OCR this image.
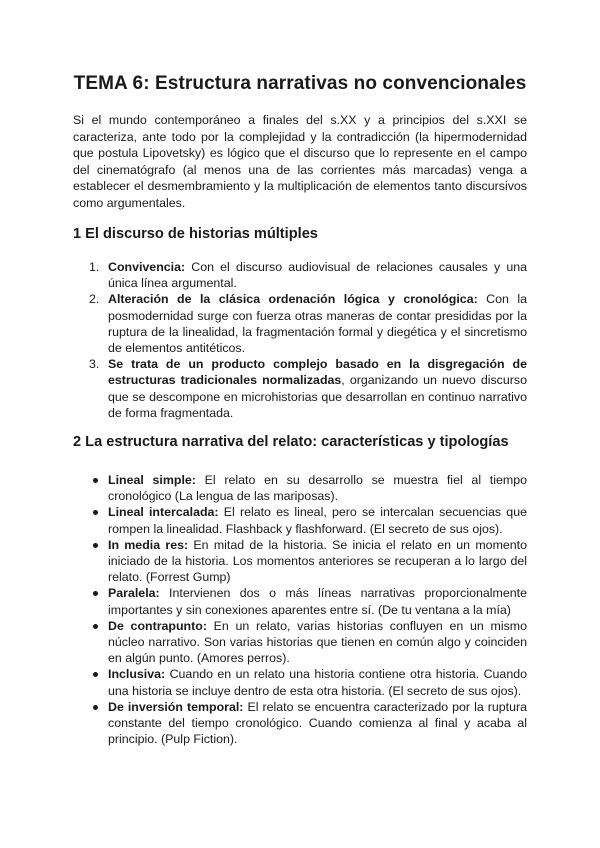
TEMA 6: Estructura narrativas no convencionales

Si el mundo contemporáneo a finales del s.XX y a principios del s.XXI se caracteriza, ante todo por la complejidad y la contradicción (la hipermodernidad que postula Lipovetsky) es lógico que el discurso que lo represente en el campo del cinematógrafo (al menos una de las corrientes más marcadas) venga a establecer el desmembramiento y la multiplicación de elementos tanto discursivos como argumentales.

1 El discurso de historias múltiples
1. Convivencia: Con el discurso audiovisual de relaciones causales y una única línea argumental.
2. Alteración de la clásica ordenación lógica y cronológica: Con la posmodernidad surge con fuerza otras maneras de contar presididas por la ruptura de la linealidad, la fragmentación formal y diegética y el sincretismo de elementos antitéticos.
3. Se trata de un producto complejo basado en la disgregación de estructuras tradicionales normalizadas, organizando un nuevo discurso que se descompone en microhistorias que desarrollan en continuo narrativo de forma fragmentada.
2 La estructura narrativa del relato: características y tipologías
Lineal simple: El relato en su desarrollo se muestra fiel al tiempo cronológico (La lengua de las mariposas).
Lineal intercalada: El relato es lineal, pero se intercalan secuencias que rompen la linealidad. Flashback y flashforward. (El secreto de sus ojos).
In media res: En mitad de la historia. Se inicia el relato en un momento iniciado de la historia. Los momentos anteriores se recuperan a lo largo del relato. (Forrest Gump)
Paralela: Intervienen dos o más líneas narrativas proporcionalmente importantes y sin conexiones aparentes entre sí. (De tu ventana a la mía)
De contrapunto: En un relato, varias historias confluyen en un mismo núcleo narrativo. Son varias historias que tienen en común algo y coinciden en algún punto. (Amores perros).
Inclusiva: Cuando en un relato una historia contiene otra historia. Cuando una historia se incluye dentro de esta otra historia. (El secreto de sus ojos).
De inversión temporal: El relato se encuentra caracterizado por la ruptura constante del tiempo cronológico. Cuando comienza al final y acaba al principio. (Pulp Fiction).
